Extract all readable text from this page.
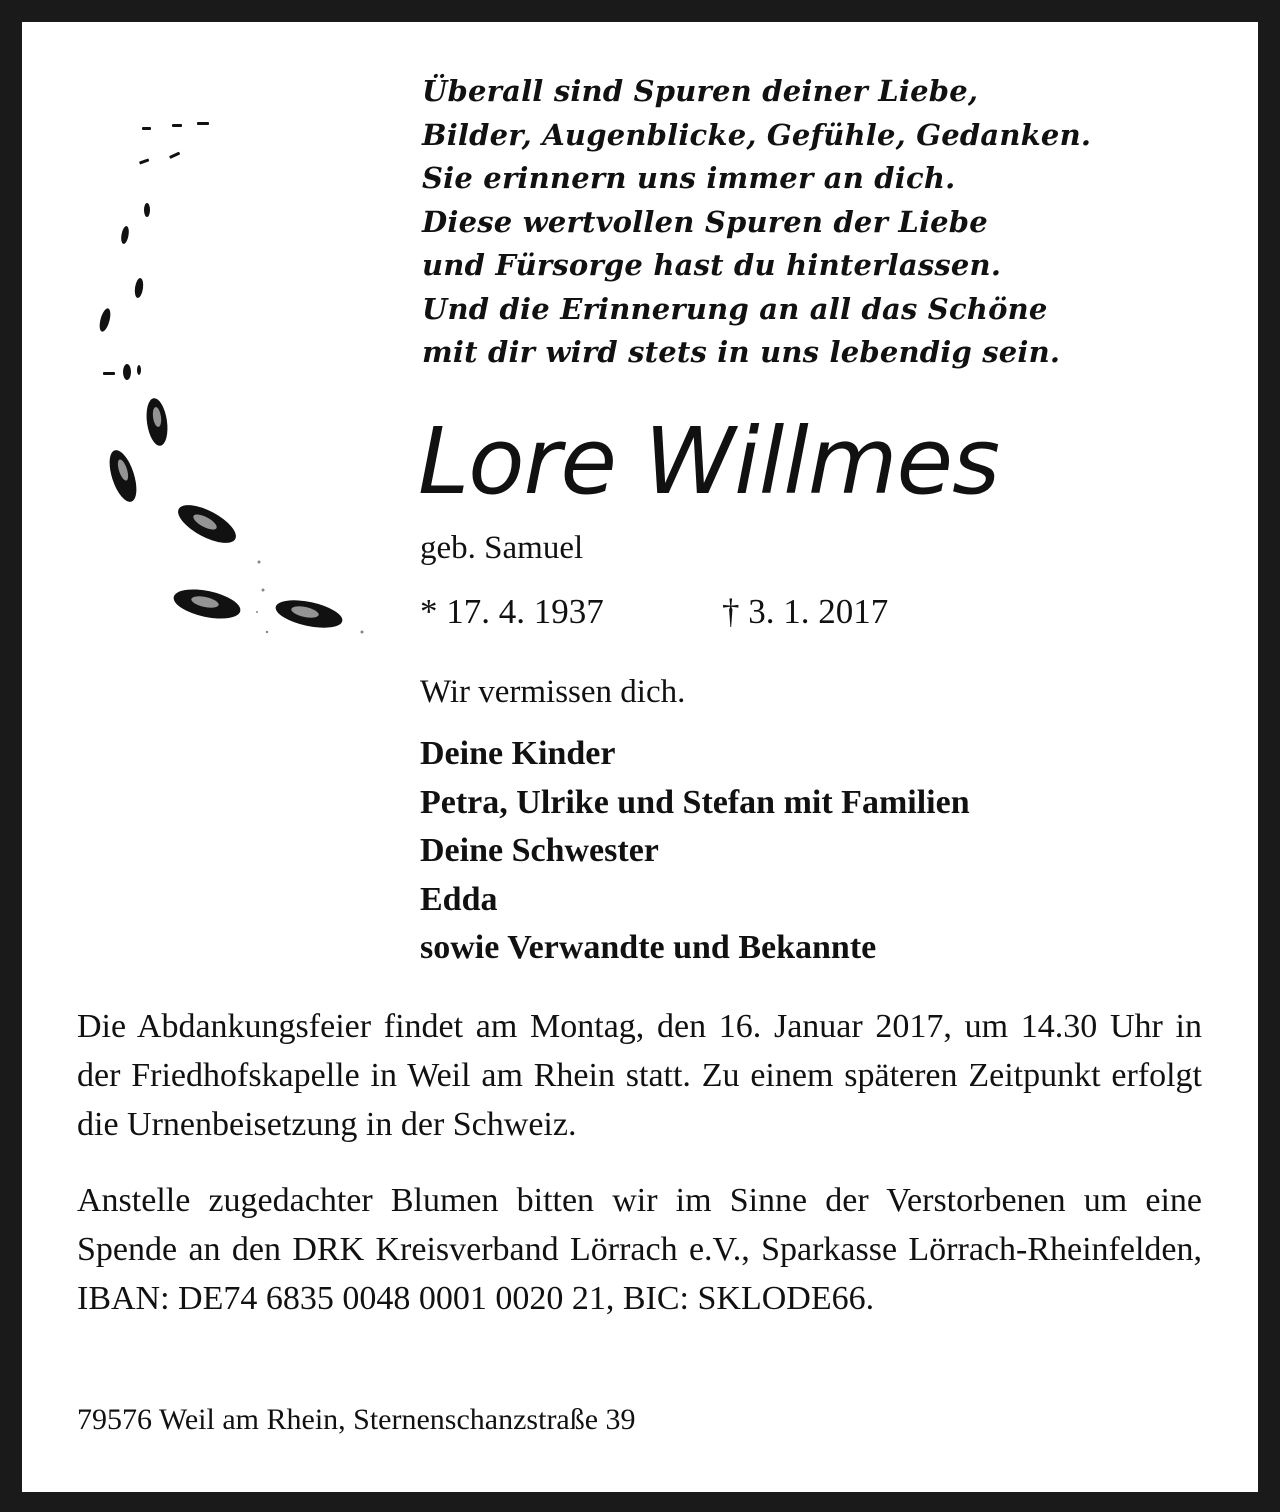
Überall sind Spuren deiner Liebe,
Bilder, Augenblicke, Gefühle, Gedanken.
Sie erinnern uns immer an dich.
Diese wertvollen Spuren der Liebe
und Fürsorge hast du hinterlassen.
Und die Erinnerung an all das Schöne
mit dir wird stets in uns lebendig sein.
Lore Willmes
geb. Samuel
* 17. 4. 1937	† 3. 1. 2017
Wir vermissen dich.
Deine Kinder
Petra, Ulrike und Stefan mit Familien
Deine Schwester
Edda
sowie Verwandte und Bekannte

Die Abdankungsfeier findet am Montag, den 16. Januar 2017, um 14.30 Uhr in der Friedhofskapelle in Weil am Rhein statt. Zu einem späteren Zeitpunkt erfolgt die Urnenbeisetzung in der Schweiz.

Anstelle zugedachter Blumen bitten wir im Sinne der Verstorbenen um eine Spende an den DRK Kreisverband Lörrach e.V., Sparkasse Lörrach-Rheinfelden, IBAN: DE74 6835 0048 0001 0020 21, BIC: SKLODE66.

79576 Weil am Rhein, Sternenschanzstraße 39
